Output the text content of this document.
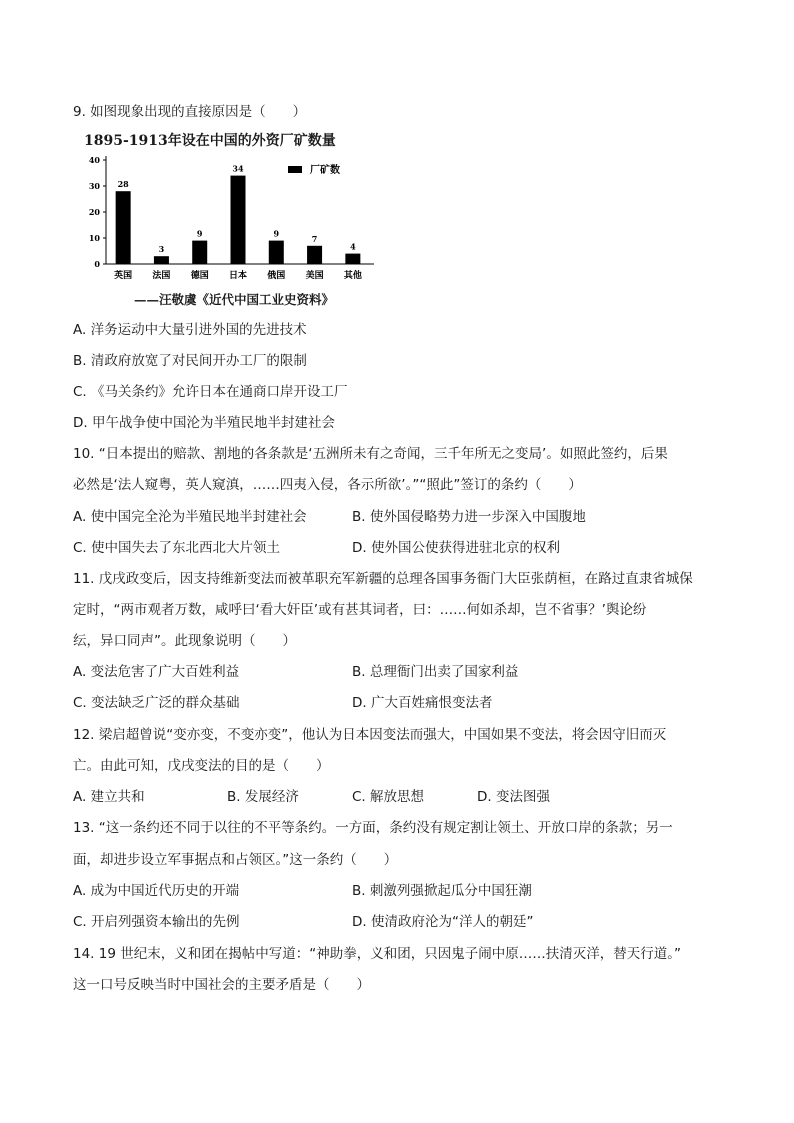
9. 如图现象出现的直接原因是（　　）
1895-1913年设在中国的外资厂矿数量
0
10
20
30
40
28
英国
3
法国
9
德国
34
日本
9
俄国
7
美国
4
其他
厂矿数
——汪敬虞《近代中国工业史资料》
A. 洋务运动中大量引进外国的先进技术
B. 清政府放宽了对民间开办工厂的限制
C. 《马关条约》允许日本在通商口岸开设工厂
D. 甲午战争使中国沦为半殖民地半封建社会
10. “日本提出的赔款、割地的各条款是‘五洲所未有之奇闻，三千年所无之变局’。如照此签约，后果
必然是‘法人窥粤，英人窥滇，……四夷入侵，各示所欲’。”“照此”签订的条约（　　）
A. 使中国完全沦为半殖民地半封建社会	B. 使外国侵略势力进一步深入中国腹地
C. 使中国失去了东北西北大片领土	D. 使外国公使获得进驻北京的权利
11. 戊戌政变后，因支持维新变法而被革职充军新疆的总理各国事务衙门大臣张荫桓，在路过直隶省城保
定时，“两市观者万数，咸呼曰‘看大奸臣’或有甚其词者，曰：……何如杀却，岂不省事？’舆论纷
纭，异口同声”。此现象说明（　　）
A. 变法危害了广大百姓利益	B. 总理衙门出卖了国家利益
C. 变法缺乏广泛的群众基础	D. 广大百姓痛恨变法者
12. 梁启超曾说“变亦变，不变亦变”，他认为日本因变法而强大，中国如果不变法，将会因守旧而灭
亡。由此可知，戊戌变法的目的是（　　）
A. 建立共和	B. 发展经济	C. 解放思想	D. 变法图强
13. “这一条约还不同于以往的不平等条约。一方面，条约没有规定割让领土、开放口岸的条款；另一
面，却进步设立军事据点和占领区。”这一条约（　　）
A. 成为中国近代历史的开端	B. 刺激列强掀起瓜分中国狂潮
C. 开启列强资本输出的先例	D. 使清政府沦为“洋人的朝廷”
14. 19 世纪末，义和团在揭帖中写道：“神助拳，义和团，只因鬼子闹中原……扶清灭洋，替天行道。”
这一口号反映当时中国社会的主要矛盾是（　　）
